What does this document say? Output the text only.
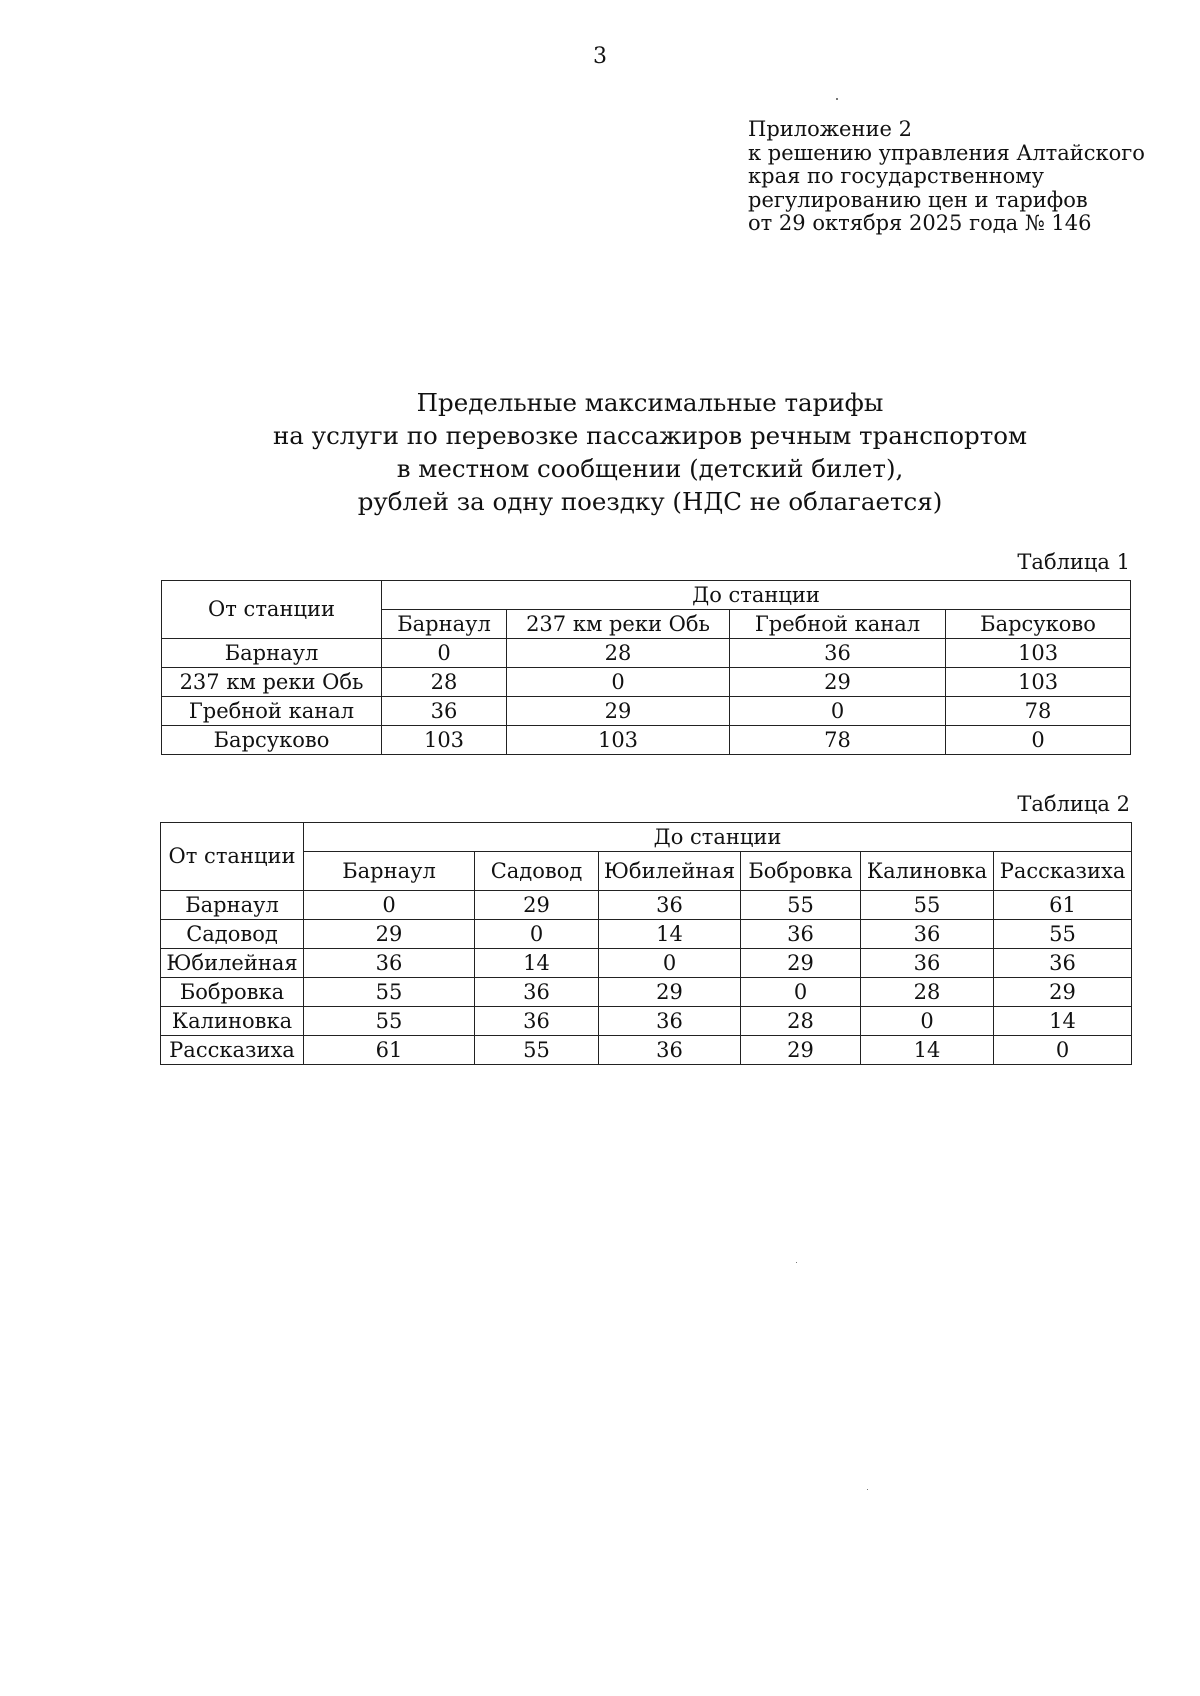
3
Приложение 2
к решению управления Алтайского
края по государственному
регулированию цен и тарифов
от 29 октября 2025 года № 146
Предельные максимальные тарифы
на услуги по перевозке пассажиров речным транспортом
в местном сообщении (детский билет),
рублей за одну поездку (НДС не облагается)
Таблица 1
От станции	До станции			
	Барнаул	237 км реки Обь	Гребной канал	Барсуково
Барнаул	0	28	36	103
237 км реки Обь	28	0	29	103
Гребной канал	36	29	0	78
Барсуково	103	103	78	0
Таблица 2
От станции	До станции					
	Барнаул	Садовод	Юбилейная	Бобровка	Калиновка	Рассказиха
Барнаул	0	29	36	55	55	61
Садовод	29	0	14	36	36	55
Юбилейная	36	14	0	29	36	36
Бобровка	55	36	29	0	28	29
Калиновка	55	36	36	28	0	14
Рассказиха	61	55	36	29	14	0
